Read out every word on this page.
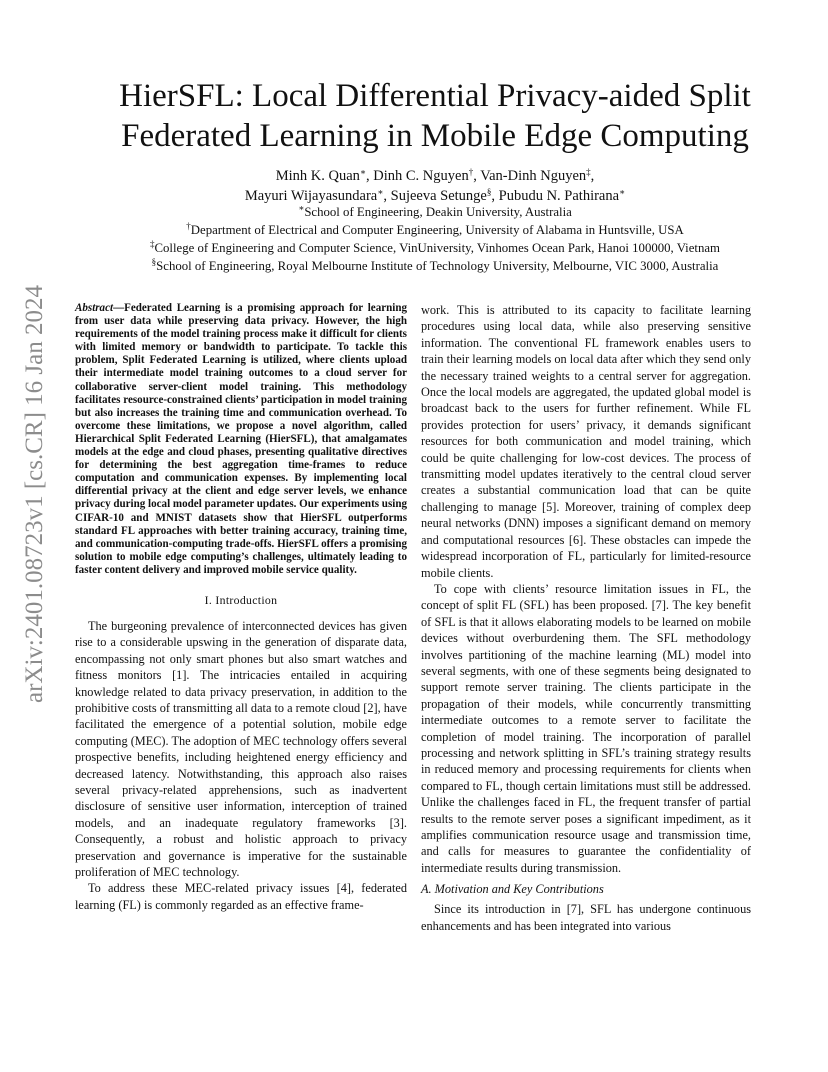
arXiv:2401.08723v1 [cs.CR] 16 Jan 2024
HierSFL: Local Differential Privacy-aided Split
Federated Learning in Mobile Edge Computing
Minh K. Quan∗, Dinh C. Nguyen†, Van-Dinh Nguyen‡,
Mayuri Wijayasundara∗, Sujeeva Setunge§, Pubudu N. Pathirana∗
∗School of Engineering, Deakin University, Australia
†Department of Electrical and Computer Engineering, University of Alabama in Huntsville, USA
‡College of Engineering and Computer Science, VinUniversity, Vinhomes Ocean Park, Hanoi 100000, Vietnam
§School of Engineering, Royal Melbourne Institute of Technology University, Melbourne, VIC 3000, Australia

Abstract—Federated Learning is a promising approach for learning from user data while preserving data privacy. However, the high requirements of the model training process make it difficult for clients with limited memory or bandwidth to participate. To tackle this problem, Split Federated Learning is utilized, where clients upload their intermediate model training outcomes to a cloud server for collaborative server-client model training. This methodology facilitates resource-constrained clients’ participation in model training but also increases the training time and communication overhead. To overcome these limitations, we propose a novel algorithm, called Hierarchical Split Federated Learning (HierSFL), that amalgamates models at the edge and cloud phases, presenting qualitative directives for determining the best aggregation time-frames to reduce computation and communication expenses. By implementing local differential privacy at the client and edge server levels, we enhance privacy during local model parameter updates. Our experiments using CIFAR-10 and MNIST datasets show that HierSFL outperforms standard FL approaches with better training accuracy, training time, and communication-computing trade-offs. HierSFL offers a promising solution to mobile edge computing’s challenges, ultimately leading to faster content delivery and improved mobile service quality.

I. Introduction

The burgeoning prevalence of interconnected devices has given rise to a considerable upswing in the generation of disparate data, encompassing not only smart phones but also smart watches and fitness monitors [1]. The intricacies entailed in acquiring knowledge related to data privacy preservation, in addition to the prohibitive costs of transmitting all data to a remote cloud [2], have facilitated the emergence of a potential solution, mobile edge computing (MEC). The adoption of MEC technology offers several prospective benefits, including heightened energy efficiency and decreased latency. Notwithstanding, this approach also raises several privacy-related apprehensions, such as inadvertent disclosure of sensitive user information, interception of trained models, and an inadequate regulatory frameworks [3]. Consequently, a robust and holistic approach to privacy preservation and governance is imperative for the sustainable proliferation of MEC technology.

To address these MEC-related privacy issues [4], federated learning (FL) is commonly regarded as an effective frame-

work. This is attributed to its capacity to facilitate learning procedures using local data, while also preserving sensitive information. The conventional FL framework enables users to train their learning models on local data after which they send only the necessary trained weights to a central server for aggregation. Once the local models are aggregated, the updated global model is broadcast back to the users for further refinement. While FL provides protection for users’ privacy, it demands significant resources for both communication and model training, which could be quite challenging for low-cost devices. The process of transmitting model updates iteratively to the central cloud server creates a substantial communication load that can be quite challenging to manage [5]. Moreover, training of complex deep neural networks (DNN) imposes a significant demand on memory and computational resources [6]. These obstacles can impede the widespread incorporation of FL, particularly for limited-resource mobile clients.

To cope with clients’ resource limitation issues in FL, the concept of split FL (SFL) has been proposed. [7]. The key benefit of SFL is that it allows elaborating models to be learned on mobile devices without overburdening them. The SFL methodology involves partitioning of the machine learning (ML) model into several segments, with one of these segments being designated to support remote server training. The clients participate in the propagation of their models, while concurrently transmitting intermediate outcomes to a remote server to facilitate the completion of model training. The incorporation of parallel processing and network splitting in SFL’s training strategy results in reduced memory and processing requirements for clients when compared to FL, though certain limitations must still be addressed. Unlike the challenges faced in FL, the frequent transfer of partial results to the remote server poses a significant impediment, as it amplifies communication resource usage and transmission time, and calls for measures to guarantee the confidentiality of intermediate results during transmission.

A. Motivation and Key Contributions

Since its introduction in [7], SFL has undergone continuous enhancements and has been integrated into various
